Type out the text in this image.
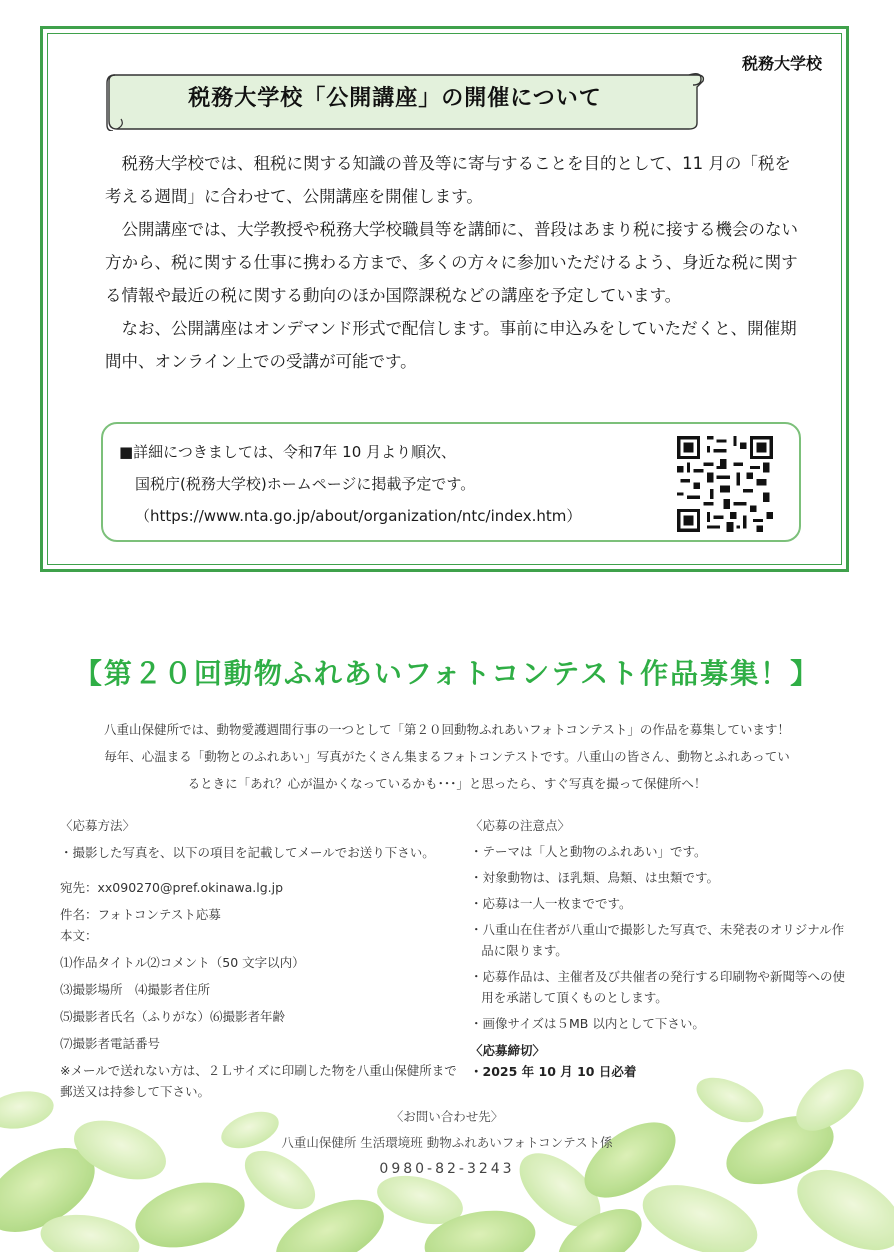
税務大学校
税務大学校「公開講座」の開催について

税務大学校では、租税に関する知識の普及等に寄与することを目的として、11 月の「税を考える週間」に合わせて、公開講座を開催します。

公開講座では、大学教授や税務大学校職員等を講師に、普段はあまり税に接する機会のない方から、税に関する仕事に携わる方まで、多くの方々に参加いただけるよう、身近な税に関する情報や最近の税に関する動向のほか国際課税などの講座を予定しています。

なお、公開講座はオンデマンド形式で配信します。事前に申込みをしていただくと、開催期間中、オンライン上での受講が可能です。

■詳細につきましては、令和7年 10 月より順次、
国税庁(税務大学校)ホームページに掲載予定です。
（https://www.nta.go.jp/about/organization/ntc/index.htm）
【第２０回動物ふれあいフォトコンテスト作品募集！】
八重山保健所では、動物愛護週間行事の一つとして「第２０回動物ふれあいフォトコンテスト」の作品を募集しています！
毎年、心温まる「動物とのふれあい」写真がたくさん集まるフォトコンテストです。八重山の皆さん、動物とふれあってい
るときに「あれ？心が温かくなっているかも･･･」と思ったら、すぐ写真を撮って保健所へ！
〈応募方法〉
・撮影した写真を、以下の項目を記載してメールでお送り下さい。
宛先：xx090270@pref.okinawa.lg.jp
件名：フォトコンテスト応募
本文：
⑴作品タイトル⑵コメント（50 文字以内）
⑶撮影場所　⑷撮影者住所
⑸撮影者氏名（ふりがな）⑹撮影者年齢
⑺撮影者電話番号
※メールで送れない方は、２Ｌサイズに印刷した物を八重山保健所まで郵送又は持参して下さい。
〈応募の注意点〉
・テーマは「人と動物のふれあい」です。
・対象動物は、ほ乳類、鳥類、は虫類です。
・応募は一人一枚までです。
・八重山在住者が八重山で撮影した写真で、未発表のオリジナル作品に限ります。
・応募作品は、主催者及び共催者の発行する印刷物や新聞等への使用を承諾して頂くものとします。
・画像サイズは５MB 以内として下さい。
〈応募締切〉
・2025 年 10 月 10 日必着
〈お問い合わせ先〉
八重山保健所 生活環境班 動物ふれあいフォトコンテスト係
0980-82-3243
